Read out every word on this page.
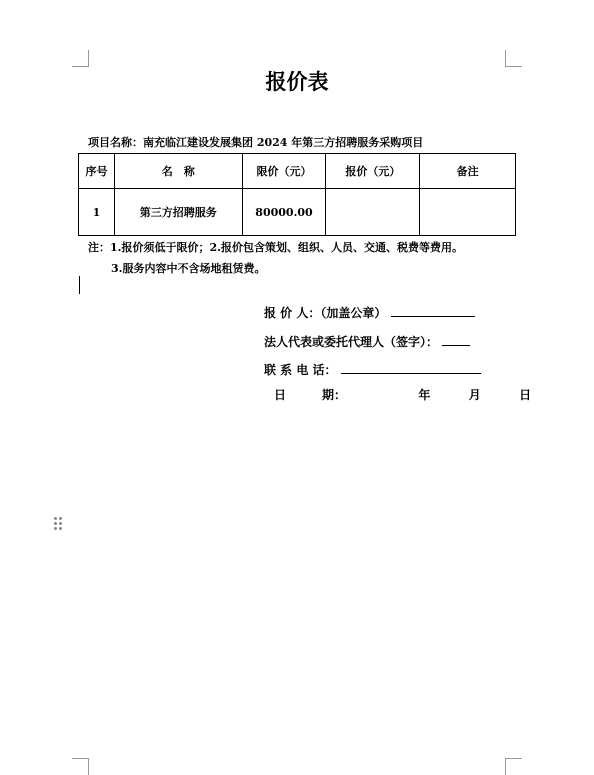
报价表
项目名称：南充临江建设发展集团 2024 年第三方招聘服务采购项目
序号	名　称	限价（元）	报价（元）	备注
1	第三方招聘服务	80000.00		
注：1.报价须低于限价；2.报价包含策划、组织、人员、交通、税费等费用。
3.服务内容中不含场地租赁费。
报 价 人：（加盖公章）
法人代表或委托代理人（签字）：
联 系 电 话：
日　　　期：	年	月	日
